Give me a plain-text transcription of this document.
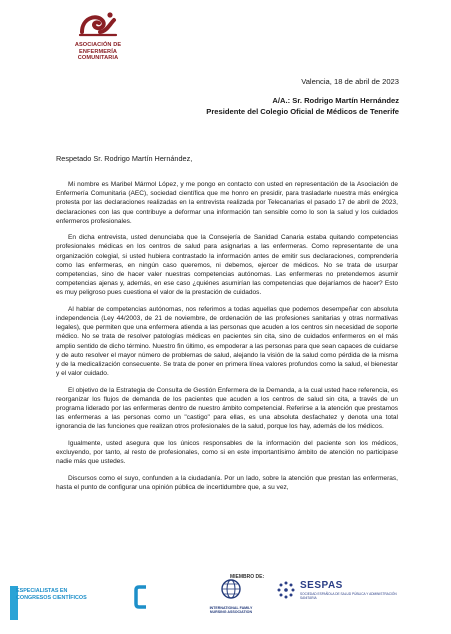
ASOCIACIÓN DE
ENFERMERÍA COMUNITARIA
Valencia, 18 de abril de 2023
A/A.: Sr. Rodrigo Martín Hernández
Presidente del Colegio Oficial de Médicos de Tenerife
Respetado Sr. Rodrigo Martín Hernández,

Mi nombre es Maribel Mármol López, y me pongo en contacto con usted en representación de la Asociación de Enfermería Comunitaria (AEC), sociedad científica que me honro en presidir, para trasladarle nuestra más enérgica protesta por las declaraciones realizadas en la entrevista realizada por Telecanarias el pasado 17 de abril de 2023, declaraciones con las que contribuye a deformar una información tan sensible como lo son la salud y los cuidados enfermeros profesionales.

En dicha entrevista, usted denunciaba que la Consejería de Sanidad Canaria estaba quitando competencias profesionales médicas en los centros de salud para asignarlas a las enfermeras. Como representante de una organización colegial, si usted hubiera contrastado la información antes de emitir sus declaraciones, comprendería como las enfermeras, en ningún caso queremos, ni debemos, ejercer de médicos. No se trata de usurpar competencias, sino de hacer valer nuestras competencias autónomas. Las enfermeras no pretendemos asumir competencias ajenas y, además, en ese caso ¿quiénes asumirían las competencias que dejaríamos de hacer? Esto es muy peligroso pues cuestiona el valor de la prestación de cuidados.

Al hablar de competencias autónomas, nos referimos a todas aquellas que podemos desempeñar con absoluta independencia (Ley 44/2003, de 21 de noviembre, de ordenación de las profesiones sanitarias y otras normativas legales), que permiten que una enfermera atienda a las personas que acuden a los centros sin necesidad de soporte médico. No se trata de resolver patologías médicas en pacientes sin cita, sino de cuidados enfermeros en el más amplio sentido de dicho término. Nuestro fin último, es empoderar a las personas para que sean capaces de cuidarse y de auto resolver el mayor número de problemas de salud, alejando la visión de la salud como pérdida de la misma y de la medicalización consecuente. Se trata de poner en primera línea valores profundos como la salud, el bienestar y el valor cuidado.

El objetivo de la Estrategia de Consulta de Gestión Enfermera de la Demanda, a la cual usted hace referencia, es reorganizar los flujos de demanda de los pacientes que acuden a los centros de salud sin cita, a través de un programa liderado por las enfermeras dentro de nuestro ámbito competencial. Referirse a la atención que prestamos las enfermeras a las personas como un "castigo" para ellas, es una absoluta desfachatez y denota una total ignorancia de las funciones que realizan otros profesionales de la salud, porque los hay, además de los médicos.

Igualmente, usted asegura que los únicos responsables de la información del paciente son los médicos, excluyendo, por tanto, al resto de profesionales, como si en este importantísimo ámbito de atención no participase nadie más que ustedes.

Discursos como el suyo, confunden a la ciudadanía. Por un lado, sobre la atención que prestan las enfermeras, hasta el punto de configurar una opinión pública de incertidumbre que, a su vez,

ESPECIALISTAS EN
CONGRESOS CIENTÍFICOS
MIEMBRO DE:
INTERNATIONAL FAMILY
NURSING ASSOCIATION
SESPAS
SOCIEDAD ESPAÑOLA DE SALUD PÚBLICA Y ADMINISTRACIÓN SANITARIA
